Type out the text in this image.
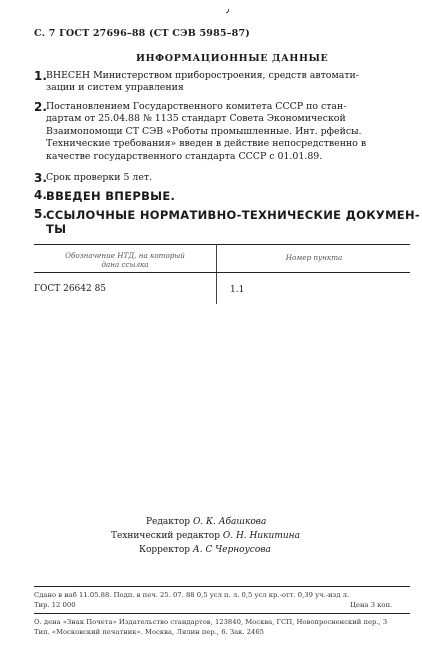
٫
С. 7 ГОСТ 27696–88 (СТ СЭВ 5985–87)
ИНФОРМАЦИОННЫЕ ДАННЫЕ
1. ВНЕСЕН Министерством приборостроения, средств автомати-
зации и систем управления
2. Постановлением Государственного комитета СССР по стан-
дартам от 25.04.88 № 1135 стандарт Совета Экономической
Взаимопомощи СТ СЭВ «Роботы промышленные. Инт. рфейсы.
Технические требования» введен в действие непосредственно в
качестве государственного стандарта СССР с 01.01.89.
3. Срок проверки 5 лет.
4. ВВЕДЕН ВПЕРВЫЕ.
5. ССЫЛОЧНЫЕ НОРМАТИВНО-ТЕХНИЧЕСКИЕ ДОКУМЕН-
ТЫ
Обозначение НТД, на который
дана ссылка
Номер пункта
ГОСТ 26642 85	1.1
Редактор О. К. Абашкова
Технический редактор О. Н. Никитина
Корректор А. С Черноусова
Сдано в наб 11.05.88. Подп. в печ. 25. 07. 88 0,5 усл п. л. 0,5 усл кр.-отт. 0,39 уч.-изд л.
Тир. 12 000	Цена 3 коп.
О. дена «Знак Почета» Издательство стандартов, 123840, Москва, ГСП, Новопресненский пер., 3
Тип. «Московский печатник». Москва, Лялин пер., 6. Зак. 2465
